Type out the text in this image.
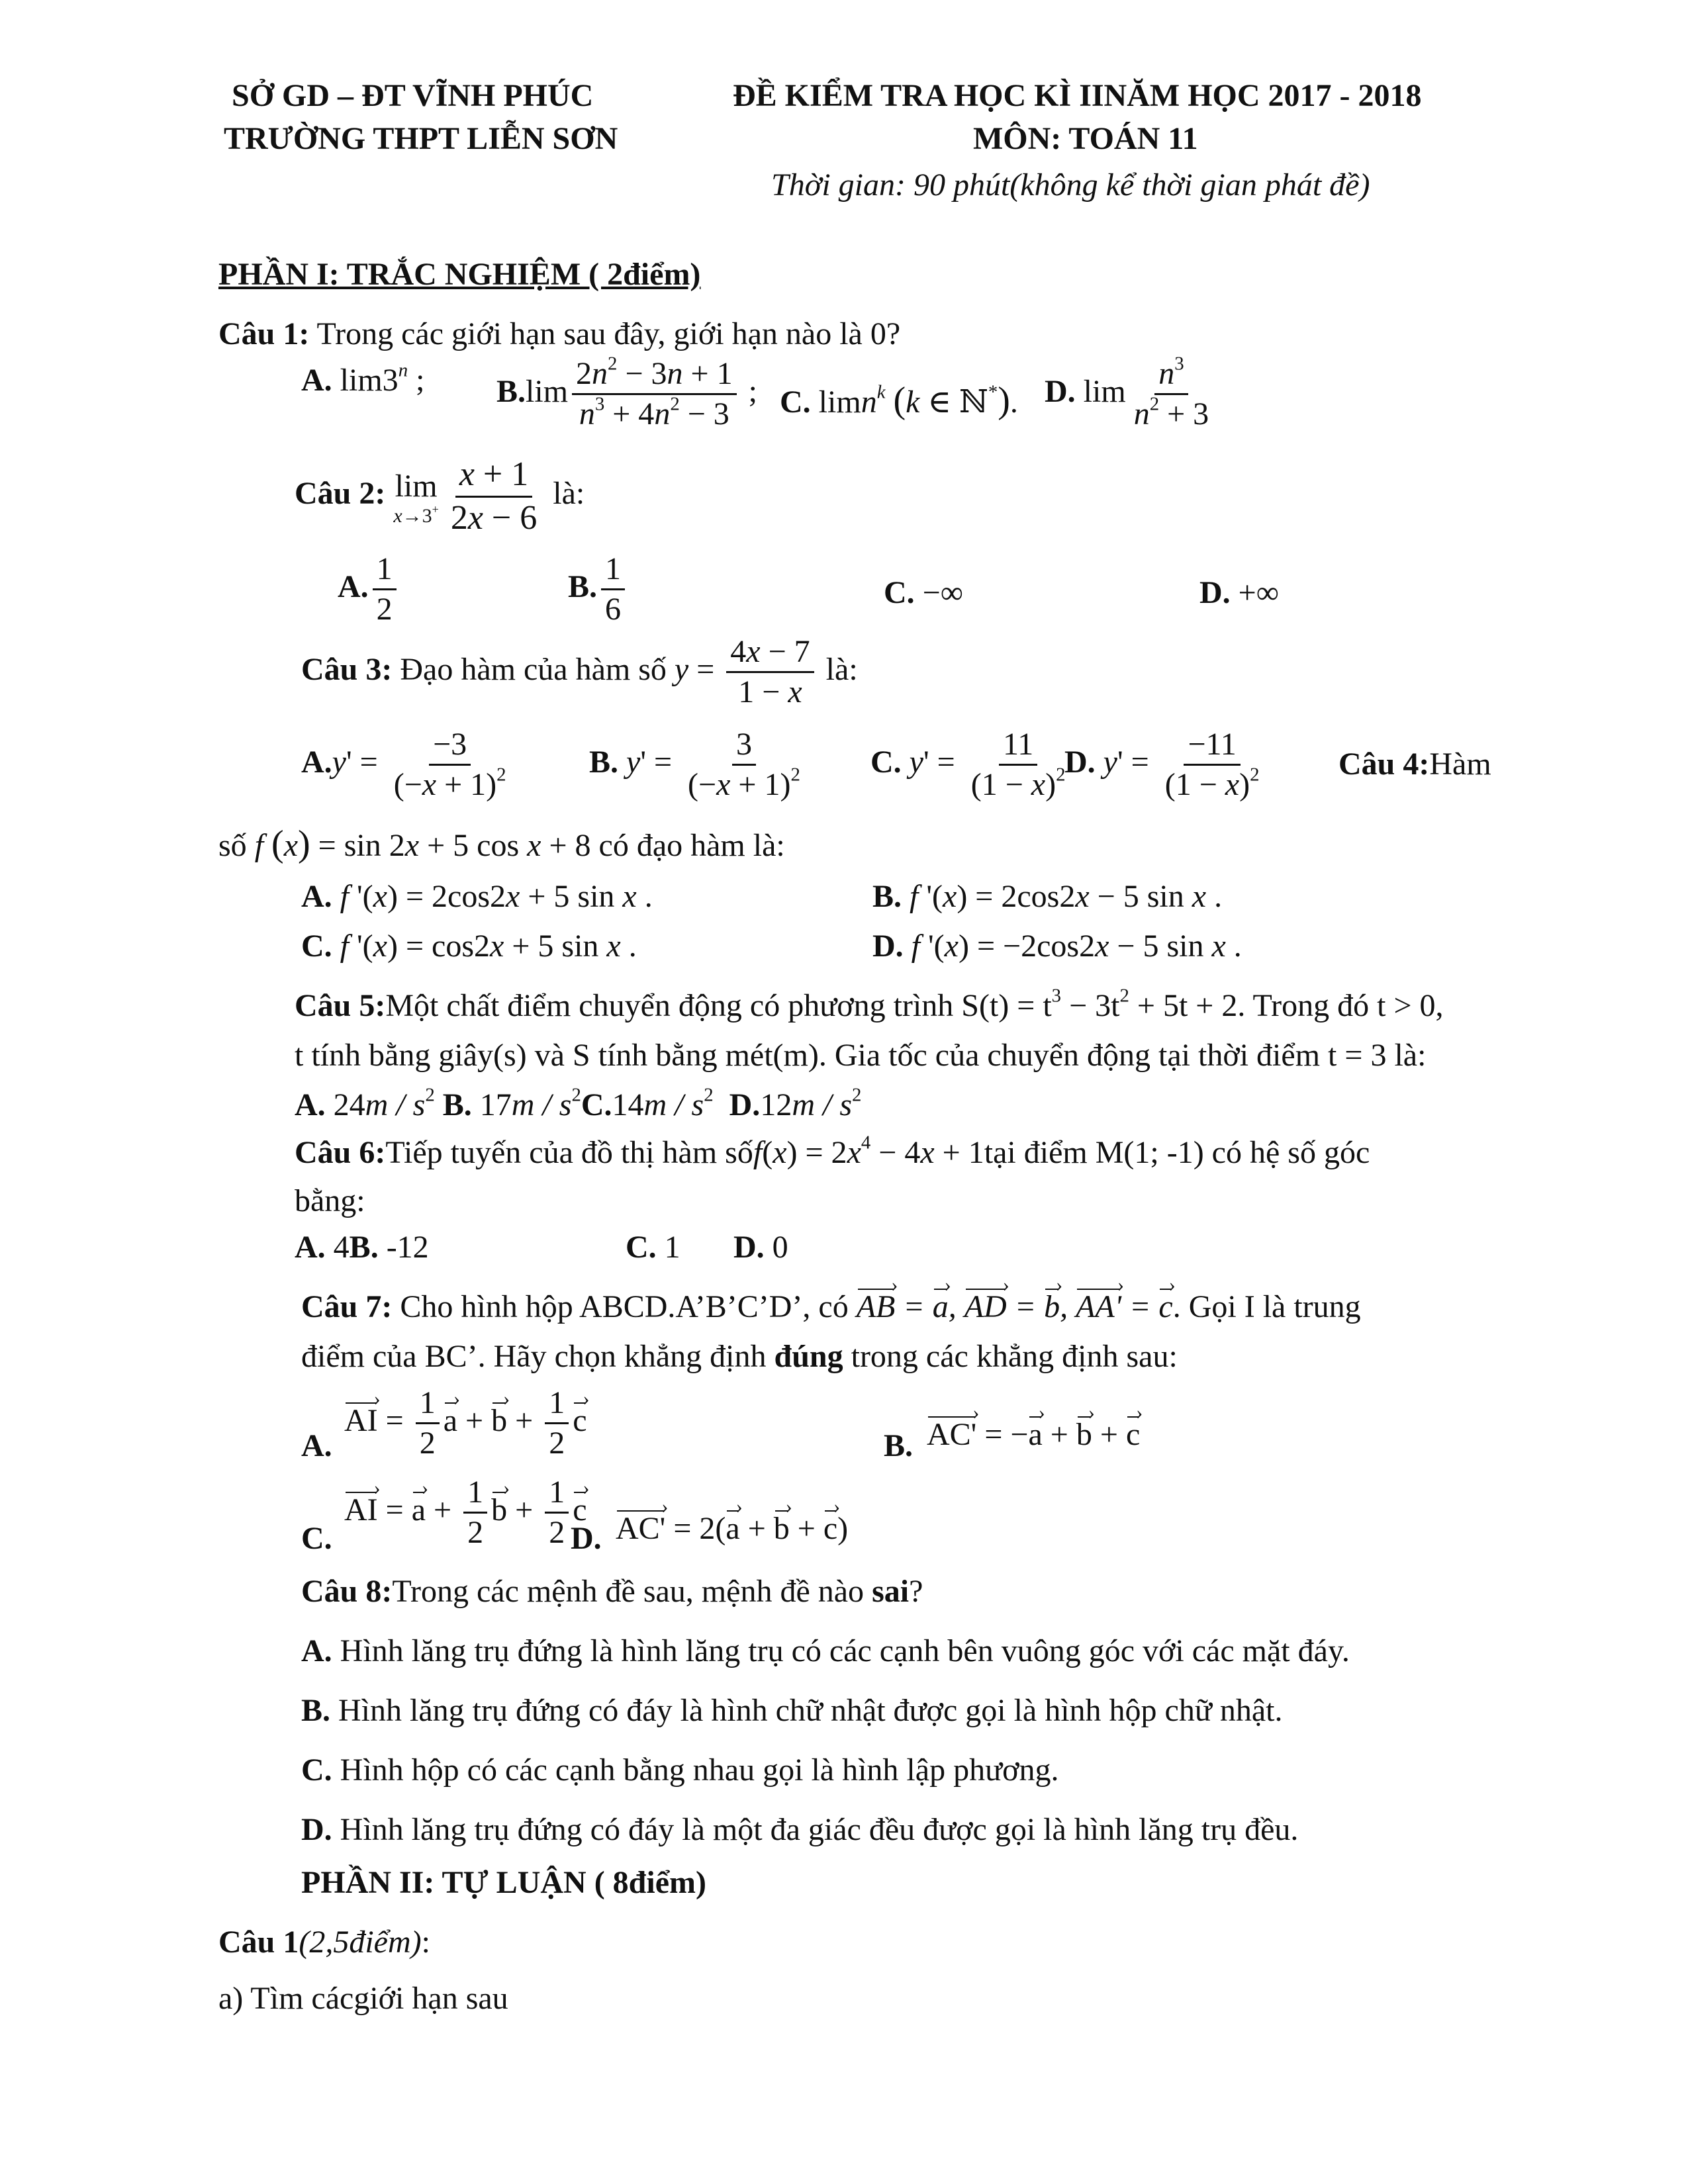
SỞ GD – ĐT VĨNH PHÚC
TRƯỜNG THPT LIỄN SƠN
ĐỀ KIỂM TRA HỌC KÌ IINĂM HỌC 2017 - 2018
MÔN: TOÁN 11
Thời gian: 90 phút(không kể thời gian phát đề)
PHẦN I: TRẮC NGHIỆM ( 2điểm)
Câu 1: Trong các giới hạn sau đây, giới hạn nào là 0?
A. lim3$^n$ ; $B.\lim \frac{2n^2 - 3n + 1}{n^3 + 4n^2 - 3}$ ; C. limn$^k$ (k ∈ ℕ*). D. $\lim \frac{n^3}{n^2 + 3}$
Câu 2: lim
$x\to 3^+ \frac{x + 1}{2x - 6}$ là:
A. $\frac{1}{2}$	B. $\frac{1}{6}$	C. −∞	D. +∞
Câu 3: Đạo hàm của hàm số $y = \frac{4x - 7}{1 - x}$ là:
$A.y' = \frac{-3}{(-x + 1)^2} B$. $y' = \frac{3}{(-x + 1)^2} C$. $y' = \frac{11}{(1 - x)^2}$
D. $y' = \frac{-11}{(1 - x)^2}$ Câu 4:Hàm
số f (x) = sin 2x + 5 cos x + 8 có đạo hàm là:
A. f '(x) = 2cos2x + 5 sin x .	B. f '(x) = 2cos2x − 5 sin x .
C. f '(x) = cos2x + 5 sin x .	D. f '(x) = −2cos2x − 5 sin x .
Câu 5:Một chất điểm chuyển động có phương trình $S(t) = t^3 - 3t^2 + 5t + 2$. Trong đó t > 0,
t tính bằng giây(s) và S tính bằng mét(m). Gia tốc của chuyển động tại thời điểm t = 3 là:
A. $24m / s^2$ B. $17m / s^2C.14m / s^2$ $D.12m / s^2$
Câu 6:Tiếp tuyến của đồ thị hàm sốf(x) = $2x^4 - 4x$ + 1tại điểm M(1; -1) có hệ số góc
bằng:
A. 4B. -12	C. 1 D. 0
Câu 7: Cho hình hộp ABCD.A’B’C’D’, có AB › = a ›, AD › = b ›, AA' › = c ›. Gọi I là trung
điểm của BC’. Hãy chọn khẳng định đúng trong các khẳng định sau:
AI › = $\frac{1}{2}$ a › + b › + $\frac{1}{2}$ c ›
A.	B. AC' › = −a › + b › + c ›
AI › = a › + $\frac{1}{2}$ b › + $\frac{1}{2}$ c ›
C.	D. AC' › = 2(a › + b › + c ›)
Câu 8:Trong các mệnh đề sau, mệnh đề nào sai?
A. Hình lăng trụ đứng là hình lăng trụ có các cạnh bên vuông góc với các mặt đáy.
B. Hình lăng trụ đứng có đáy là hình chữ nhật được gọi là hình hộp chữ nhật.
C. Hình hộp có các cạnh bằng nhau gọi là hình lập phương.
D. Hình lăng trụ đứng có đáy là một đa giác đều được gọi là hình lăng trụ đều.
PHẦN II: TỰ LUẬN ( 8điểm)
Câu 1(2,5điểm):
a) Tìm cácgiới hạn sau
